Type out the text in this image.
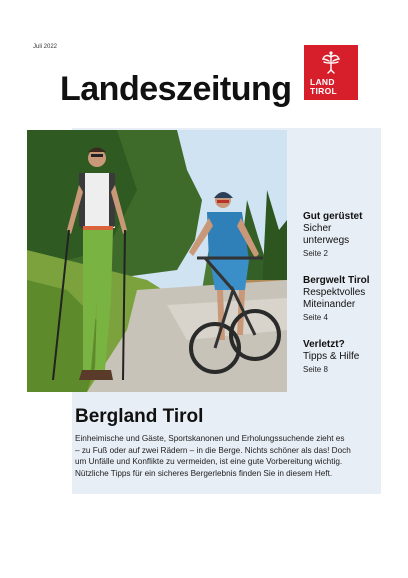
Juli 2022
Landeszeitung LAND
TIROL
Gut gerüstet
Sicher
unterwegs
Seite 2
Bergwelt Tirol
Respektvolles
Miteinander
Seite 4
Verletzt?
Tipps & Hilfe
Seite 8
Bergland Tirol
Einheimische und Gäste, Sportskanonen und Erholungssuchende zieht es
– zu Fuß oder auf zwei Rädern – in die Berge. Nichts schöner als das! Doch
um Unfälle und Konflikte zu vermeiden, ist eine gute Vorbereitung wichtig.
Nützliche Tipps für ein sicheres Bergerlebnis finden Sie in diesem Heft.
